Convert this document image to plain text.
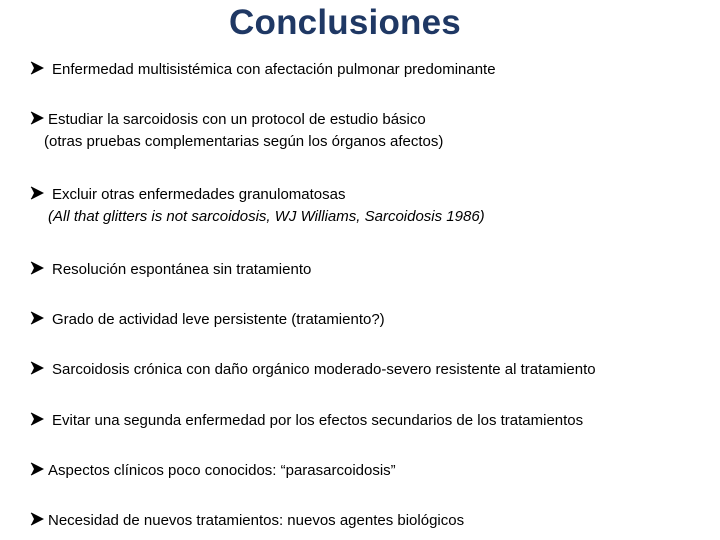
Conclusiones
Enfermedad multisistémica con afectación pulmonar predominante
Estudiar la sarcoidosis con un protocol de estudio básico
(otras pruebas complementarias según los órganos afectos)
Excluir otras enfermedades granulomatosas
(All that glitters is not sarcoidosis, WJ Williams, Sarcoidosis 1986)
Resolución espontánea sin tratamiento
Grado de actividad leve persistente (tratamiento?)
Sarcoidosis crónica con daño orgánico moderado-severo resistente al tratamiento
Evitar una segunda enfermedad por los efectos secundarios de los tratamientos
Aspectos clínicos poco conocidos: “parasarcoidosis”
Necesidad de nuevos tratamientos: nuevos agentes biológicos
